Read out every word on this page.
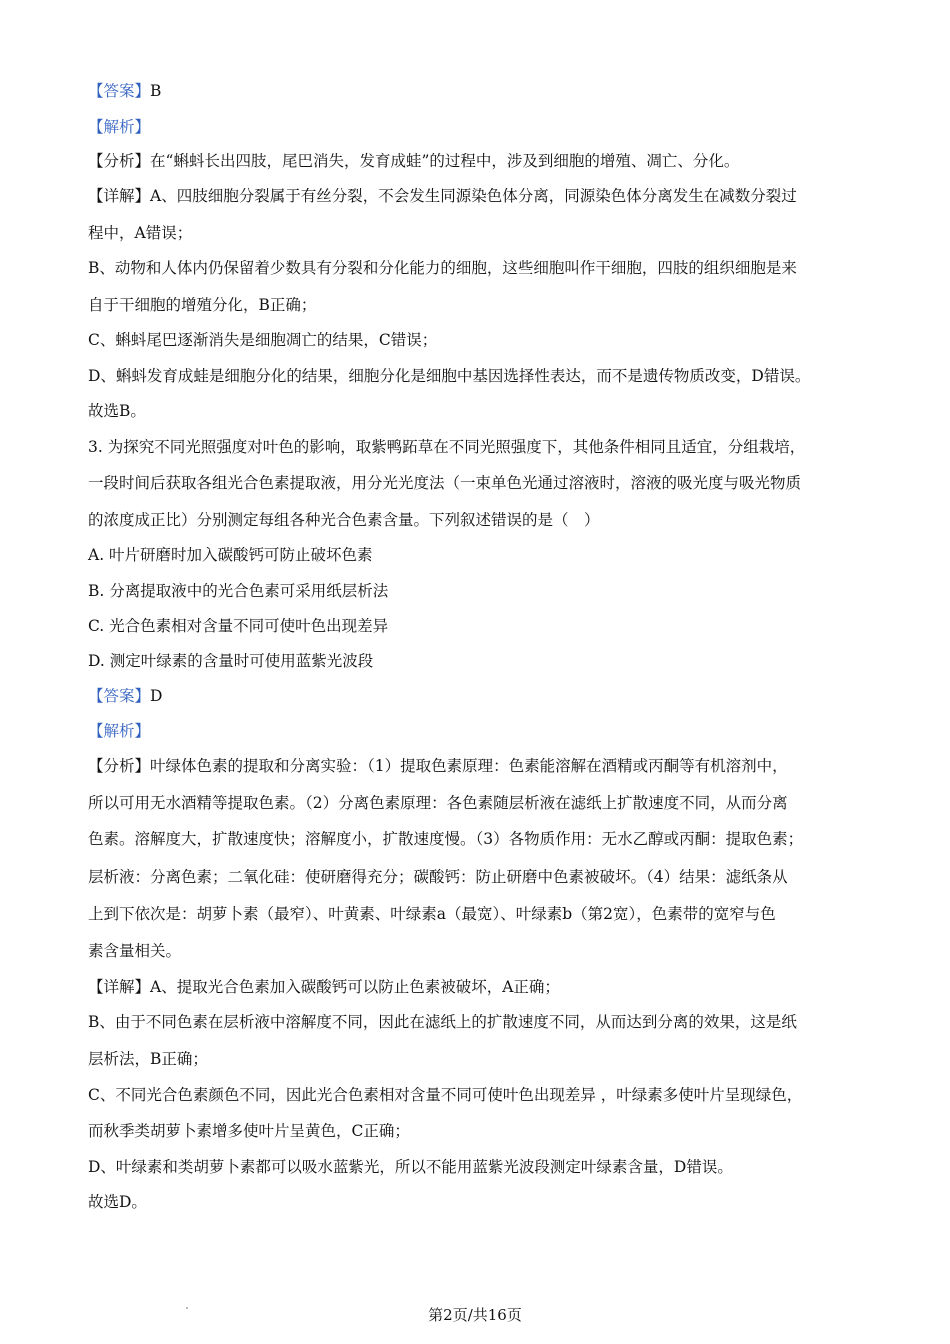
【答案】B
【解析】
【分析】在“蝌蚪长出四肢，尾巴消失，发育成蛙”的过程中，涉及到细胞的增殖、凋亡、分化。
【详解】A、四肢细胞分裂属于有丝分裂，不会发生同源染色体分离，同源染色体分离发生在减数分裂过
程中，A错误；
B、动物和人体内仍保留着少数具有分裂和分化能力的细胞，这些细胞叫作干细胞，四肢的组织细胞是来
自于干细胞的增殖分化，B正确；
C、蝌蚪尾巴逐渐消失是细胞凋亡的结果，C错误；
D、蝌蚪发育成蛙是细胞分化的结果，细胞分化是细胞中基因选择性表达，而不是遗传物质改变，D错误。
故选B。
3. 为探究不同光照强度对叶色的影响，取紫鸭跖草在不同光照强度下，其他条件相同且适宜，分组栽培，
一段时间后获取各组光合色素提取液，用分光光度法（一束单色光通过溶液时，溶液的吸光度与吸光物质
的浓度成正比）分别测定每组各种光合色素含量。下列叙述错误的是（　）
A. 叶片研磨时加入碳酸钙可防止破坏色素
B. 分离提取液中的光合色素可采用纸层析法
C. 光合色素相对含量不同可使叶色出现差异
D. 测定叶绿素的含量时可使用蓝紫光波段
【答案】D
【解析】
【分析】叶绿体色素的提取和分离实验：（1）提取色素原理：色素能溶解在酒精或丙酮等有机溶剂中，
所以可用无水酒精等提取色素。（2）分离色素原理：各色素随层析液在滤纸上扩散速度不同，从而分离
色素。溶解度大，扩散速度快；溶解度小，扩散速度慢。（3）各物质作用：无水乙醇或丙酮：提取色素；
层析液：分离色素；二氧化硅：使研磨得充分；碳酸钙：防止研磨中色素被破坏。（4）结果：滤纸条从
上到下依次是：胡萝卜素（最窄）、叶黄素、叶绿素a（最宽）、叶绿素b（第2宽），色素带的宽窄与色
素含量相关。
【详解】A、提取光合色素加入碳酸钙可以防止色素被破坏，A正确；
B、由于不同色素在层析液中溶解度不同，因此在滤纸上的扩散速度不同，从而达到分离的效果，这是纸
层析法，B正确；
C、不同光合色素颜色不同，因此光合色素相对含量不同可使叶色出现差异 ，叶绿素多使叶片呈现绿色，
而秋季类胡萝卜素增多使叶片呈黄色，C正确；
D、叶绿素和类胡萝卜素都可以吸水蓝紫光，所以不能用蓝紫光波段测定叶绿素含量，D错误。
故选D。
第2页/共16页
